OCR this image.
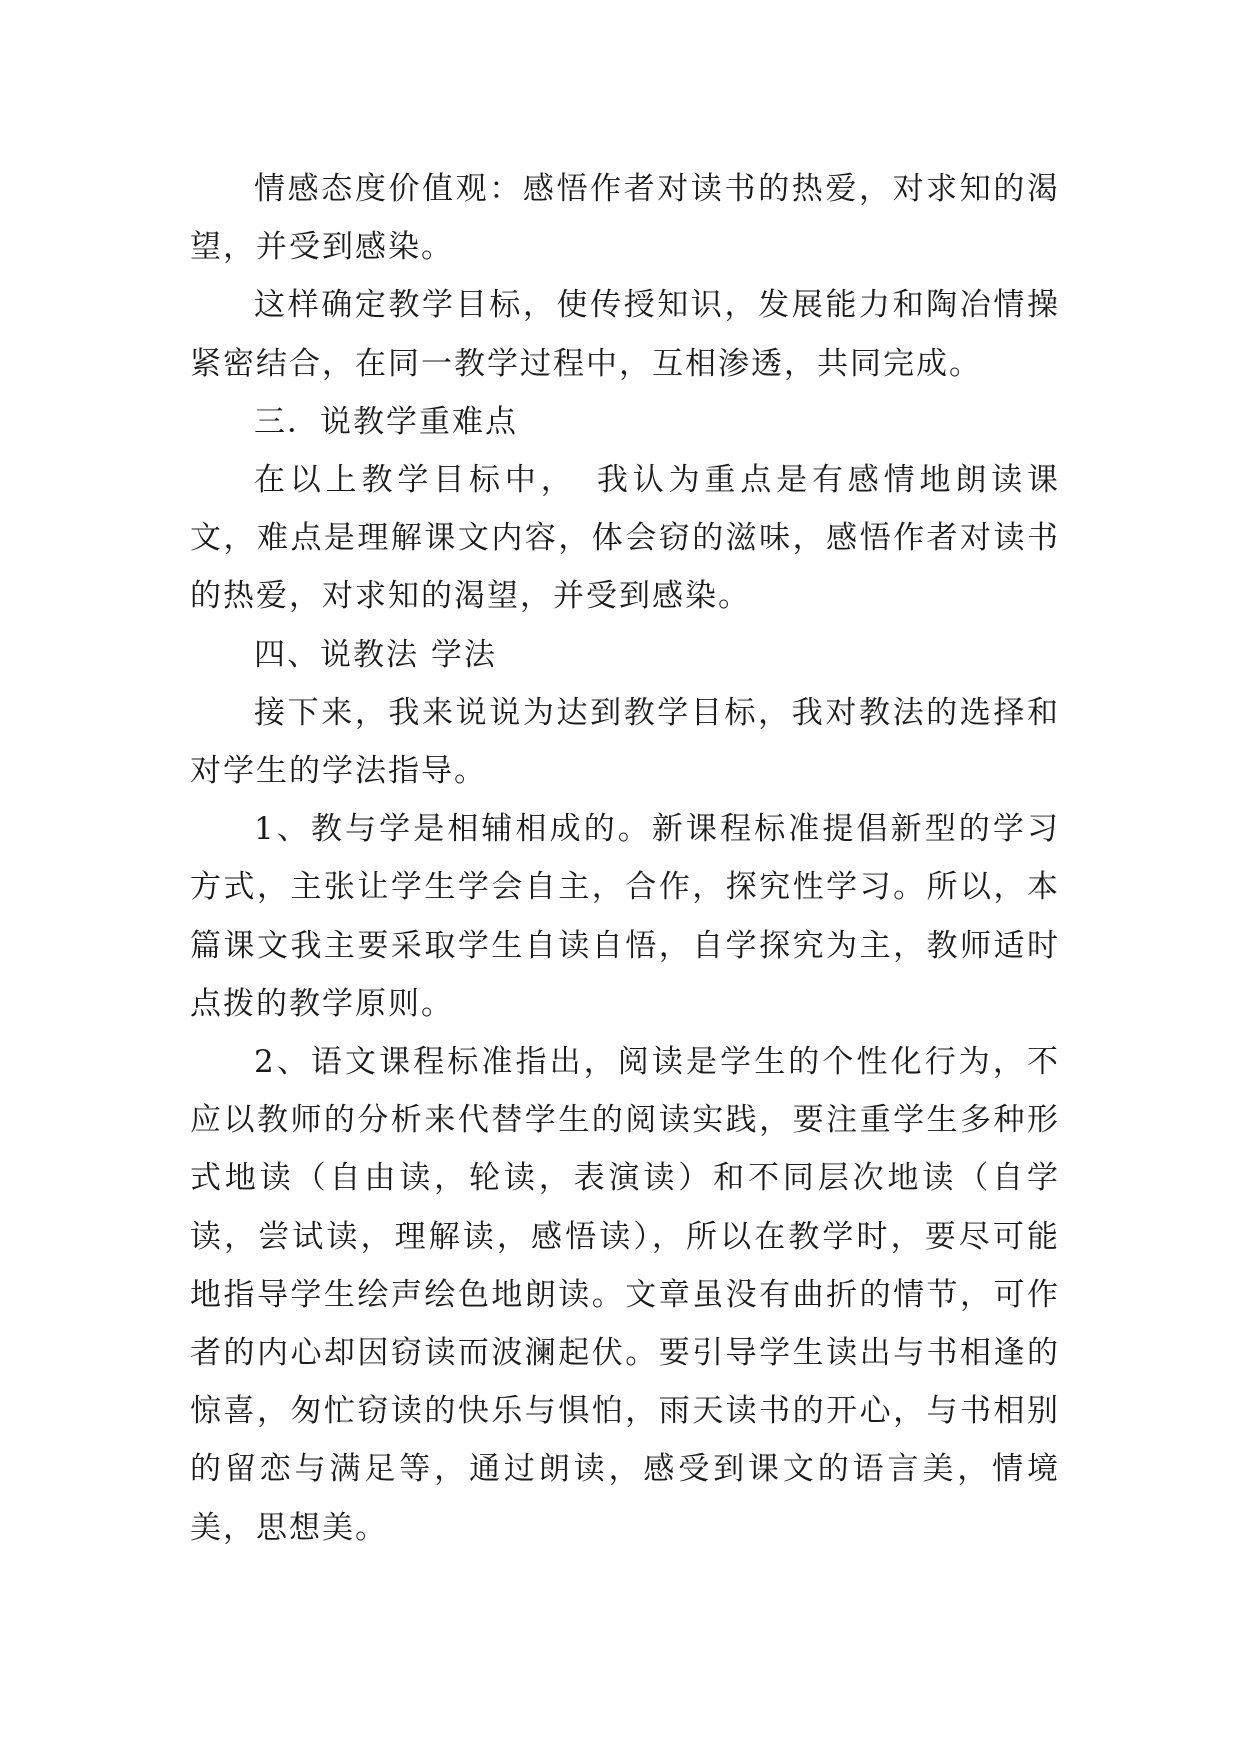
情感态度价值观：感悟作者对读书的热爱，对求知的渴望，并受到感染。

这样确定教学目标，使传授知识，发展能力和陶冶情操紧密结合，在同一教学过程中，互相渗透，共同完成。

三．说教学重难点

在以上教学目标中，　我认为重点是有感情地朗读课文，难点是理解课文内容，体会窃的滋味，感悟作者对读书的热爱，对求知的渴望，并受到感染。

四、说教法 学法

接下来，我来说说为达到教学目标，我对教法的选择和对学生的学法指导。

1、教与学是相辅相成的。新课程标准提倡新型的学习方式，主张让学生学会自主，合作，探究性学习。所以，本篇课文我主要采取学生自读自悟，自学探究为主，教师适时点拨的教学原则。

2、语文课程标准指出，阅读是学生的个性化行为，不应以教师的分析来代替学生的阅读实践，要注重学生多种形式地读（自由读，轮读，表演读）和不同层次地读（自学读，尝试读，理解读，感悟读），所以在教学时，要尽可能地指导学生绘声绘色地朗读。文章虽没有曲折的情节，可作者的内心却因窃读而波澜起伏。要引导学生读出与书相逢的惊喜，匆忙窃读的快乐与惧怕，雨天读书的开心，与书相别的留恋与满足等，通过朗读，感受到课文的语言美，情境美，思想美。
